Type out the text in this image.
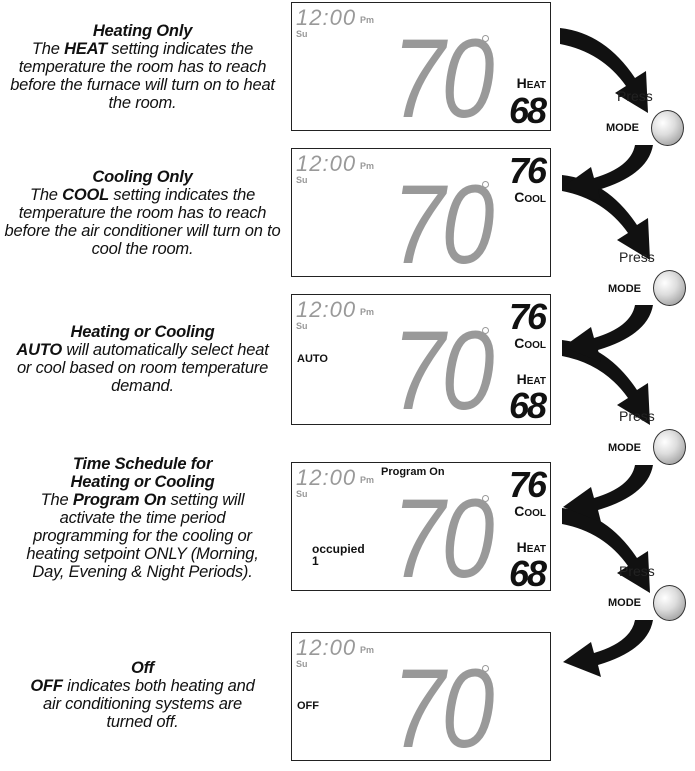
Heating Only
The HEAT setting indicates the temperature the room has to reach before the furnace will turn on to heat the room.
Cooling Only
The COOL setting indicates the temperature the room has to reach before the air conditioner will turn on to cool the room.
Heating or Cooling
AUTO will automatically select heat or cool based on room temperature demand.
Time Schedule for Heating or Cooling
The Program On setting will activate the time period programming for the cooling or heating setpoint ONLY (Morning, Day, Evening & Night Periods).
Off
OFF indicates both heating and air conditioning systems are turned off.
12:00 Pm
Su 70 Heat
68
12:00 Pm
Su 70 76
Cool
12:00 Pm
Su
AUTO 70 76
Cool
Heat
68
12:00 Pm
Su
Program On
occupied
1 70 76
Cool
Heat
68
12:00 Pm
Su
OFF 70
Press
MODE
Press
MODE
Press
MODE
Press
MODE
